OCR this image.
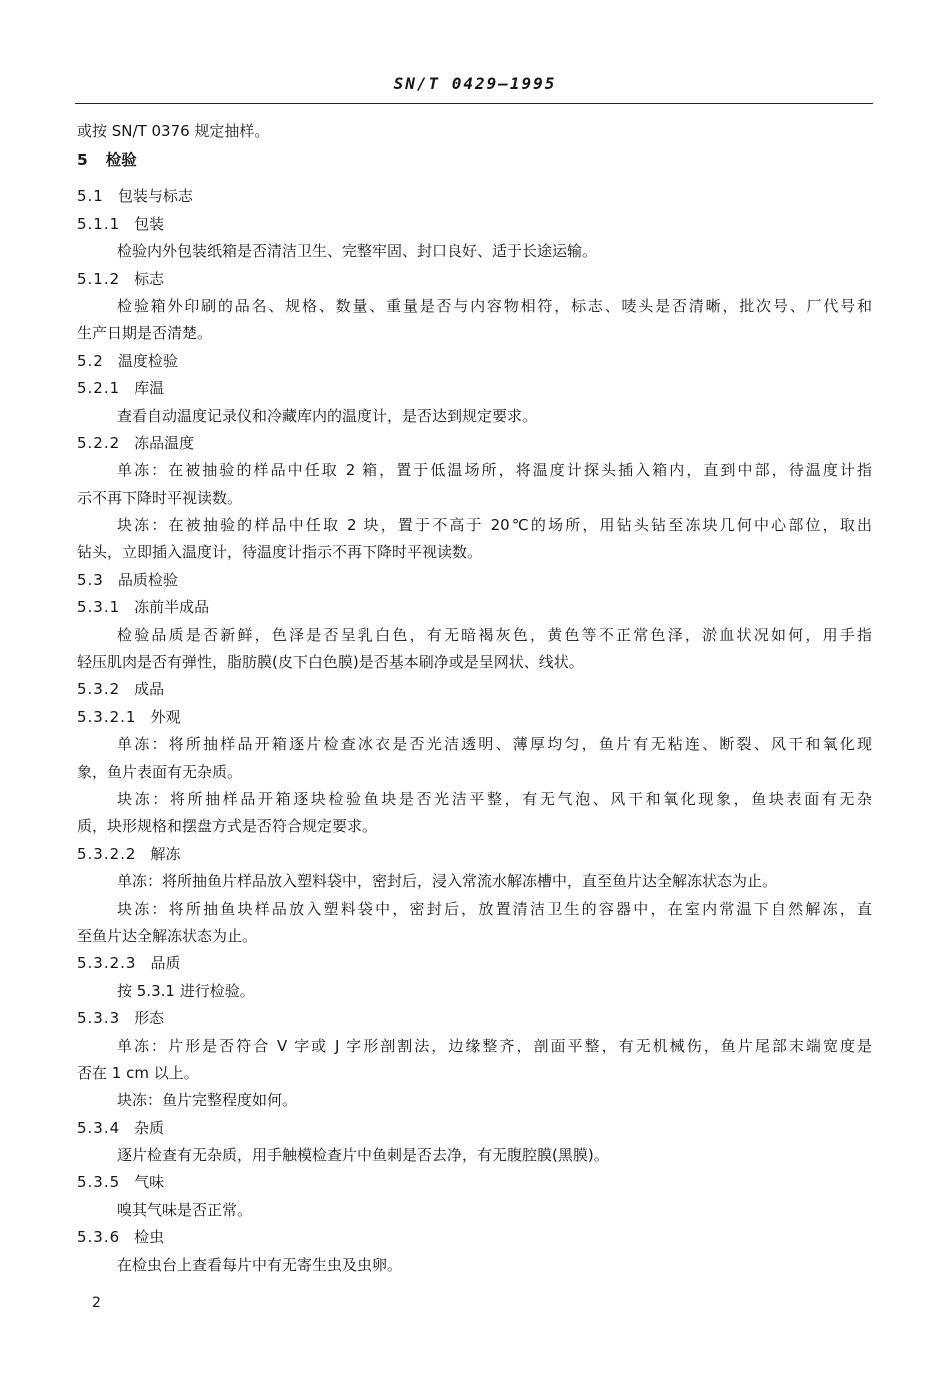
SN/T 0429—1995
或按 SN/T 0376 规定抽样。
5 检验
5.1 包装与标志
5.1.1 包装
检验内外包装纸箱是否清洁卫生、完整牢固、封口良好、适于长途运输。
5.1.2 标志
检验箱外印刷的品名、规格、数量、重量是否与内容物相符，标志、唛头是否清晰，批次号、厂代号和
生产日期是否清楚。
5.2 温度检验
5.2.1 库温
查看自动温度记录仪和冷藏库内的温度计，是否达到规定要求。
5.2.2 冻品温度
单冻：在被抽验的样品中任取 2 箱，置于低温场所，将温度计探头插入箱内，直到中部，待温度计指
示不再下降时平视读数。
块冻：在被抽验的样品中任取 2 块，置于不高于 20℃的场所，用钻头钻至冻块几何中心部位，取出
钻头，立即插入温度计，待温度计指示不再下降时平视读数。
5.3 品质检验
5.3.1 冻前半成品
检验品质是否新鲜，色泽是否呈乳白色，有无暗褐灰色，黄色等不正常色泽，淤血状况如何，用手指
轻压肌肉是否有弹性，脂肪膜(皮下白色膜)是否基本刷净或是呈网状、线状。
5.3.2 成品
5.3.2.1 外观
单冻：将所抽样品开箱逐片检查冰衣是否光洁透明、薄厚均匀，鱼片有无粘连、断裂、风干和氧化现
象，鱼片表面有无杂质。
块冻：将所抽样品开箱逐块检验鱼块是否光洁平整，有无气泡、风干和氧化现象，鱼块表面有无杂
质，块形规格和摆盘方式是否符合规定要求。
5.3.2.2 解冻
单冻：将所抽鱼片样品放入塑料袋中，密封后，浸入常流水解冻槽中，直至鱼片达全解冻状态为止。
块冻：将所抽鱼块样品放入塑料袋中，密封后，放置清洁卫生的容器中，在室内常温下自然解冻，直
至鱼片达全解冻状态为止。
5.3.2.3 品质
按 5.3.1 进行检验。
5.3.3 形态
单冻：片形是否符合 V 字或 J 字形剖割法，边缘整齐，剖面平整，有无机械伤，鱼片尾部末端宽度是
否在 1 cm 以上。
块冻：鱼片完整程度如何。
5.3.4 杂质
逐片检查有无杂质，用手触模检查片中鱼刺是否去净，有无腹腔膜(黑膜)。
5.3.5 气味
嗅其气味是否正常。
5.3.6 检虫
在检虫台上查看每片中有无寄生虫及虫卵。
2
